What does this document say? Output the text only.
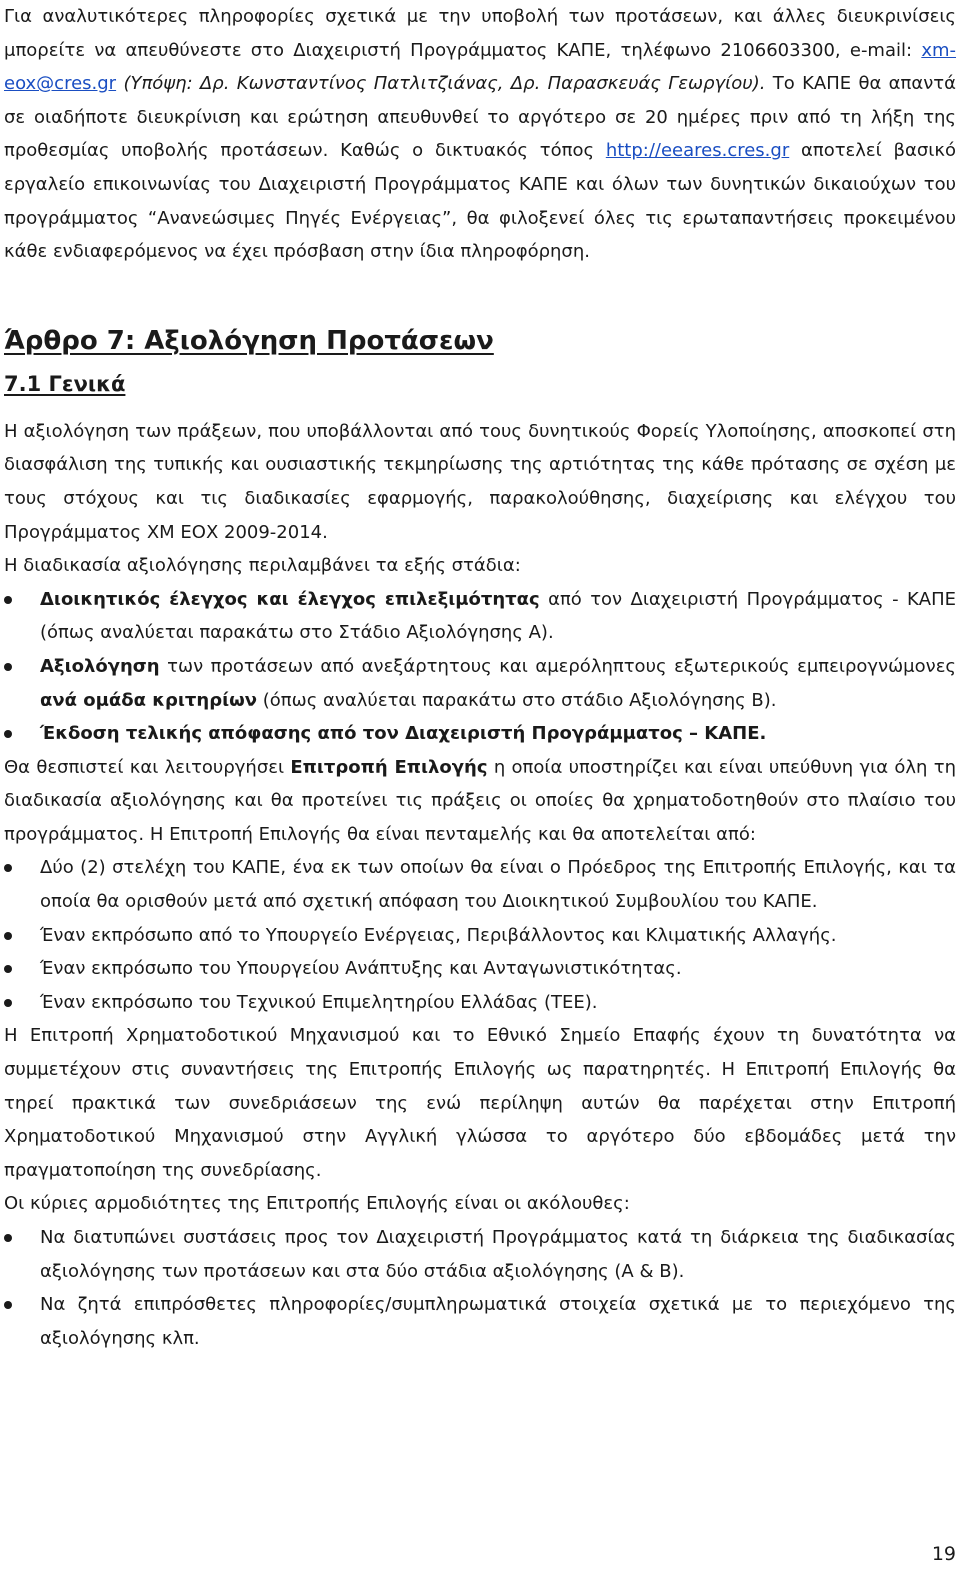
Για αναλυτικότερες πληροφορίες σχετικά με την υποβολή των προτάσεων, και άλλες διευκρινίσεις μπορείτε να απευθύνεστε στο Διαχειριστή Προγράμματος ΚΑΠΕ, τηλέφωνο 2106603300, e-mail: xm-eox@cres.gr (Υπόψη: Δρ. Κωνσταντίνος Πατλιτζιάνας, Δρ. Παρασκευάς Γεωργίου). Το ΚΑΠΕ θα απαντά σε οιαδήποτε διευκρίνιση και ερώτηση απευθυνθεί το αργότερο σε 20 ημέρες πριν από τη λήξη της προθεσμίας υποβολής προτάσεων. Καθώς ο δικτυακός τόπος http://eeares.cres.gr αποτελεί βασικό εργαλείο επικοινωνίας του Διαχειριστή Προγράμματος ΚΑΠΕ και όλων των δυνητικών δικαιούχων του προγράμματος “Ανανεώσιμες Πηγές Ενέργειας”, θα φιλοξενεί όλες τις ερωταπαντήσεις προκειμένου κάθε ενδιαφερόμενος να έχει πρόσβαση στην ίδια πληροφόρηση.

Άρθρο 7: Αξιολόγηση Προτάσεων
7.1 Γενικά

Η αξιολόγηση των πράξεων, που υποβάλλονται από τους δυνητικούς Φορείς Υλοποίησης, αποσκοπεί στη διασφάλιση της τυπικής και ουσιαστικής τεκμηρίωσης της αρτιότητας της κάθε πρότασης σε σχέση με τους στόχους και τις διαδικασίες εφαρμογής, παρακολούθησης, διαχείρισης και ελέγχου του Προγράμματος ΧΜ ΕΟΧ 2009-2014.

Η διαδικασία αξιολόγησης περιλαμβάνει τα εξής στάδια:

Διοικητικός έλεγχος και έλεγχος επιλεξιμότητας από τον Διαχειριστή Προγράμματος - ΚΑΠΕ (όπως αναλύεται παρακάτω στο Στάδιο Αξιολόγησης Α).
Αξιολόγηση των προτάσεων από ανεξάρτητους και αμερόληπτους εξωτερικούς εμπειρογνώμονες ανά ομάδα κριτηρίων (όπως αναλύεται παρακάτω στο στάδιο Αξιολόγησης Β).
Έκδοση τελικής απόφασης από τον Διαχειριστή Προγράμματος – ΚΑΠΕ.

Θα θεσπιστεί και λειτουργήσει Επιτροπή Επιλογής η οποία υποστηρίζει και είναι υπεύθυνη για όλη τη διαδικασία αξιολόγησης και θα προτείνει τις πράξεις οι οποίες θα χρηματοδοτηθούν στο πλαίσιο του προγράμματος. Η Επιτροπή Επιλογής θα είναι πενταμελής και θα αποτελείται από:

Δύο (2) στελέχη του ΚΑΠΕ, ένα εκ των οποίων θα είναι ο Πρόεδρος της Επιτροπής Επιλογής, και τα οποία θα ορισθούν μετά από σχετική απόφαση του Διοικητικού Συμβουλίου του ΚΑΠΕ.
Έναν εκπρόσωπο από το Υπουργείο Ενέργειας, Περιβάλλοντος και Κλιματικής Αλλαγής.
Έναν εκπρόσωπο του Υπουργείου Ανάπτυξης και Ανταγωνιστικότητας.
Έναν εκπρόσωπο του Τεχνικού Επιμελητηρίου Ελλάδας (ΤΕΕ).

Η Επιτροπή Χρηματοδοτικού Μηχανισμού και το Εθνικό Σημείο Επαφής έχουν τη δυνατότητα να συμμετέχουν στις συναντήσεις της Επιτροπής Επιλογής ως παρατηρητές. Η Επιτροπή Επιλογής θα τηρεί πρακτικά των συνεδριάσεων της ενώ περίληψη αυτών θα παρέχεται στην Επιτροπή Χρηματοδοτικού Μηχανισμού στην Αγγλική γλώσσα το αργότερο δύο εβδομάδες μετά την πραγματοποίηση της συνεδρίασης.

Οι κύριες αρμοδιότητες της Επιτροπής Επιλογής είναι οι ακόλουθες:

Να διατυπώνει συστάσεις προς τον Διαχειριστή Προγράμματος κατά τη διάρκεια της διαδικασίας αξιολόγησης των προτάσεων και στα δύο στάδια αξιολόγησης (Α & Β).
Να ζητά επιπρόσθετες πληροφορίες/συμπληρωματικά στοιχεία σχετικά με το περιεχόμενο της αξιολόγησης κλπ.
19
